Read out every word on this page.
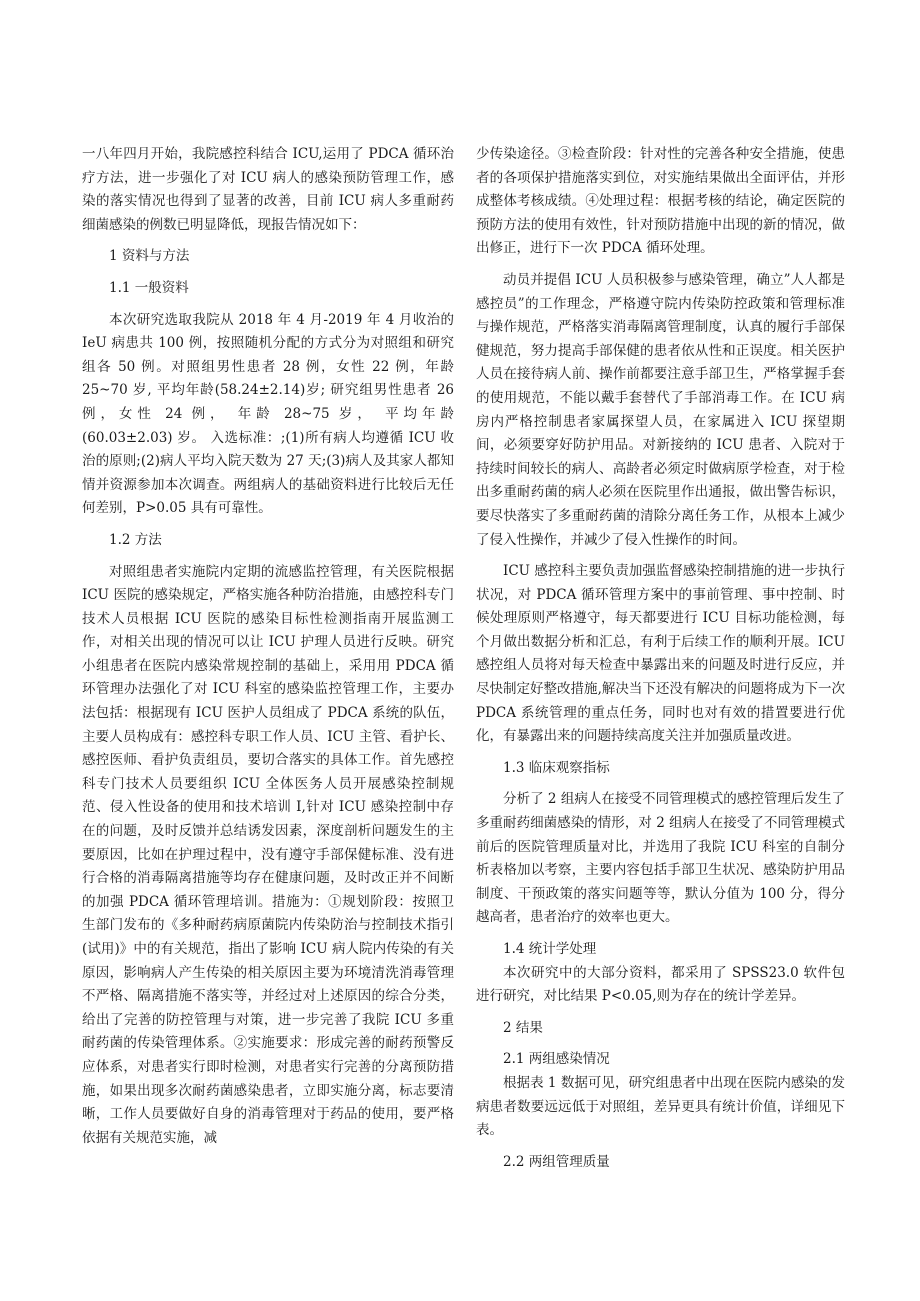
一八年四月开始，我院感控科结合 ICU,运用了 PDCA 循环治疗方法，进一步强化了对 ICU 病人的感染预防管理工作，感染的落实情况也得到了显著的改善，目前 ICU 病人多重耐药细菌感染的例数已明显降低，现报告情况如下：

1 资料与方法

1.1 一般资料

本次研究选取我院从 2018 年 4 月-2019 年 4 月收治的 IeU 病患共 100 例，按照随机分配的方式分为对照组和研究组各 50 例。对照组男性患者 28 例，女性 22 例，年龄 25~70 岁, 平均年龄(58.24±2.14)岁; 研究组男性患者 26 例，女性 24 例， 年龄 28~75 岁， 平均年龄 (60.03±2.03) 岁。 入选标准：;(1)所有病人均遵循 ICU 收治的原则;(2)病人平均入院天数为 27 天;(3)病人及其家人都知情并资源参加本次调查。两组病人的基础资料进行比较后无任何差别，P>0.05 具有可靠性。

1.2 方法

对照组患者实施院内定期的流感监控管理，有关医院根据 ICU 医院的感染规定，严格实施各种防治措施，由感控科专门技术人员根据 ICU 医院的感染目标性检测指南开展监测工作，对相关出现的情况可以让 ICU 护理人员进行反映。研究小组患者在医院内感染常规控制的基础上，采用用 PDCA 循环管理办法强化了对 ICU 科室的感染监控管理工作，主要办法包括：根据现有 ICU 医护人员组成了 PDCA 系统的队伍，主要人员构成有：感控科专职工作人员、ICU 主管、看护长、感控医师、看护负责组员，要切合落实的具体工作。首先感控科专门技术人员要组织 ICU 全体医务人员开展感染控制规范、侵入性设备的使用和技术培训 I,针对 ICU 感染控制中存在的问题，及时反馈并总结诱发因素，深度剖析问题发生的主要原因，比如在护理过程中，没有遵守手部保健标准、没有进行合格的消毒隔离措施等均存在健康问题，及时改正并不间断的加强 PDCA 循环管理培训。措施为：①规划阶段：按照卫生部门发布的《多种耐药病原菌院内传染防治与控制技术指引(试用)》中的有关规范，指出了影响 ICU 病人院内传染的有关原因，影响病人产生传染的相关原因主要为环境清洗消毒管理不严格、隔离措施不落实等，并经过对上述原因的综合分类，给出了完善的防控管理与对策，进一步完善了我院 ICU 多重耐药菌的传染管理体系。②实施要求：形成完善的耐药预警反应体系，对患者实行即时检测，对患者实行完善的分离预防措施，如果出现多次耐药菌感染患者，立即实施分离，标志要清晰，工作人员要做好自身的消毒管理对于药品的使用，要严格依据有关规范实施，减

少传染途径。③检查阶段：针对性的完善各种安全措施，使患者的各项保护措施落实到位，对实施结果做出全面评估，并形成整体考核成绩。④处理过程：根据考核的结论，确定医院的预防方法的使用有效性，针对预防措施中出现的新的情况，做出修正，进行下一次 PDCA 循环处理。

动员并提倡 ICU 人员积极参与感染管理，确立”人人都是感控员”的工作理念，严格遵守院内传染防控政策和管理标准与操作规范，严格落实消毒隔离管理制度，认真的履行手部保健规范，努力提高手部保健的患者依从性和正误度。相关医护人员在接待病人前、操作前都要注意手部卫生，严格掌握手套的使用规范，不能以戴手套替代了手部消毒工作。在 ICU 病房内严格控制患者家属探望人员，在家属进入 ICU 探望期间，必须要穿好防护用品。对新接纳的 ICU 患者、入院对于持续时间较长的病人、高龄者必须定时做病原学检查，对于检出多重耐药菌的病人必须在医院里作出通报，做出警告标识，要尽快落实了多重耐药菌的清除分离任务工作，从根本上减少了侵入性操作，并减少了侵入性操作的时间。

ICU 感控科主要负责加强监督感染控制措施的进一步执行状况，对 PDCA 循环管理方案中的事前管理、事中控制、时候处理原则严格遵守，每天都要进行 ICU 目标功能检测，每个月做出数据分析和汇总，有利于后续工作的顺利开展。ICU 感控组人员将对每天检查中暴露出来的问题及时进行反应，并尽快制定好整改措施,解决当下还没有解决的问题将成为下一次 PDCA 系统管理的重点任务，同时也对有效的措置要进行优化，有暴露出来的问题持续高度关注并加强质量改进。

1.3 临床观察指标

分析了 2 组病人在接受不同管理模式的感控管理后发生了多重耐药细菌感染的情形，对 2 组病人在接受了不同管理模式前后的医院管理质量对比，并选用了我院 ICU 科室的自制分析表格加以考察，主要内容包括手部卫生状况、感染防护用品制度、干预政策的落实问题等等，默认分值为 100 分，得分越高者，患者治疗的效率也更大。

1.4 统计学处理

本次研究中的大部分资料，都采用了 SPSS23.0 软件包进行研究，对比结果 P<0.05,则为存在的统计学差异。

2 结果

2.1 两组感染情况

根据表 1 数据可见，研究组患者中出现在医院内感染的发病患者数要远远低于对照组，差异更具有统计价值，详细见下表。

2.2 两组管理质量
